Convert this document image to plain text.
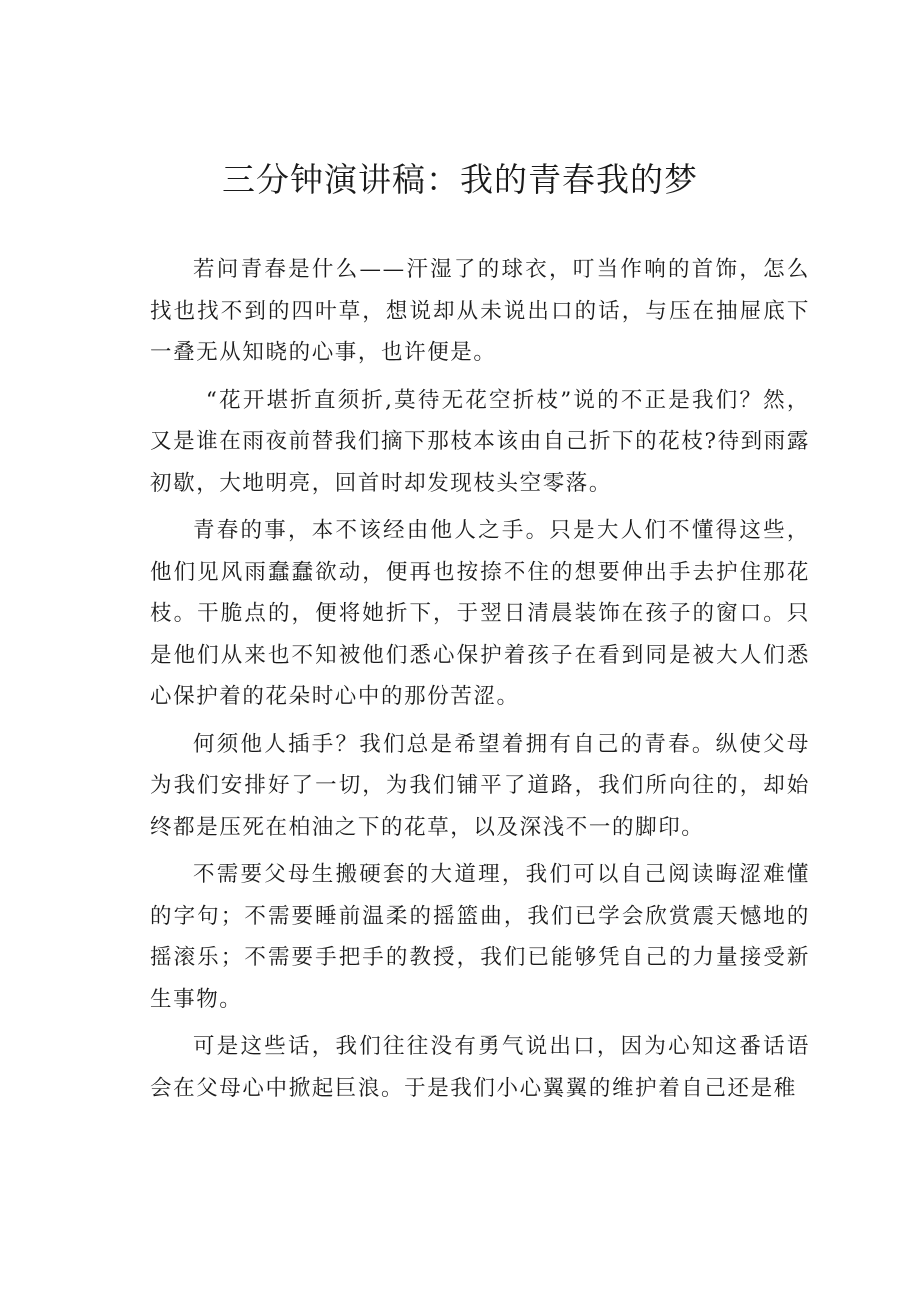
三分钟演讲稿：我的青春我的梦

若问青春是什么——汗湿了的球衣，叮当作响的首饰，怎么找也找不到的四叶草，想说却从未说出口的话，与压在抽屉底下一叠无从知晓的心事，也许便是。

“花开堪折直须折,莫待无花空折枝”说的不正是我们？然，又是谁在雨夜前替我们摘下那枝本该由自己折下的花枝?待到雨露初歇，大地明亮，回首时却发现枝头空零落。

青春的事，本不该经由他人之手。只是大人们不懂得这些，他们见风雨蠢蠢欲动，便再也按捺不住的想要伸出手去护住那花枝。干脆点的，便将她折下，于翌日清晨装饰在孩子的窗口。只是他们从来也不知被他们悉心保护着孩子在看到同是被大人们悉心保护着的花朵时心中的那份苦涩。

何须他人插手？我们总是希望着拥有自己的青春。纵使父母为我们安排好了一切，为我们铺平了道路，我们所向往的，却始终都是压死在柏油之下的花草，以及深浅不一的脚印。

不需要父母生搬硬套的大道理，我们可以自己阅读晦涩难懂的字句；不需要睡前温柔的摇篮曲，我们已学会欣赏震天憾地的摇滚乐；不需要手把手的教授，我们已能够凭自己的力量接受新生事物。

可是这些话，我们往往没有勇气说出口，因为心知这番话语会在父母心中掀起巨浪。于是我们小心翼翼的维护着自己还是稚
